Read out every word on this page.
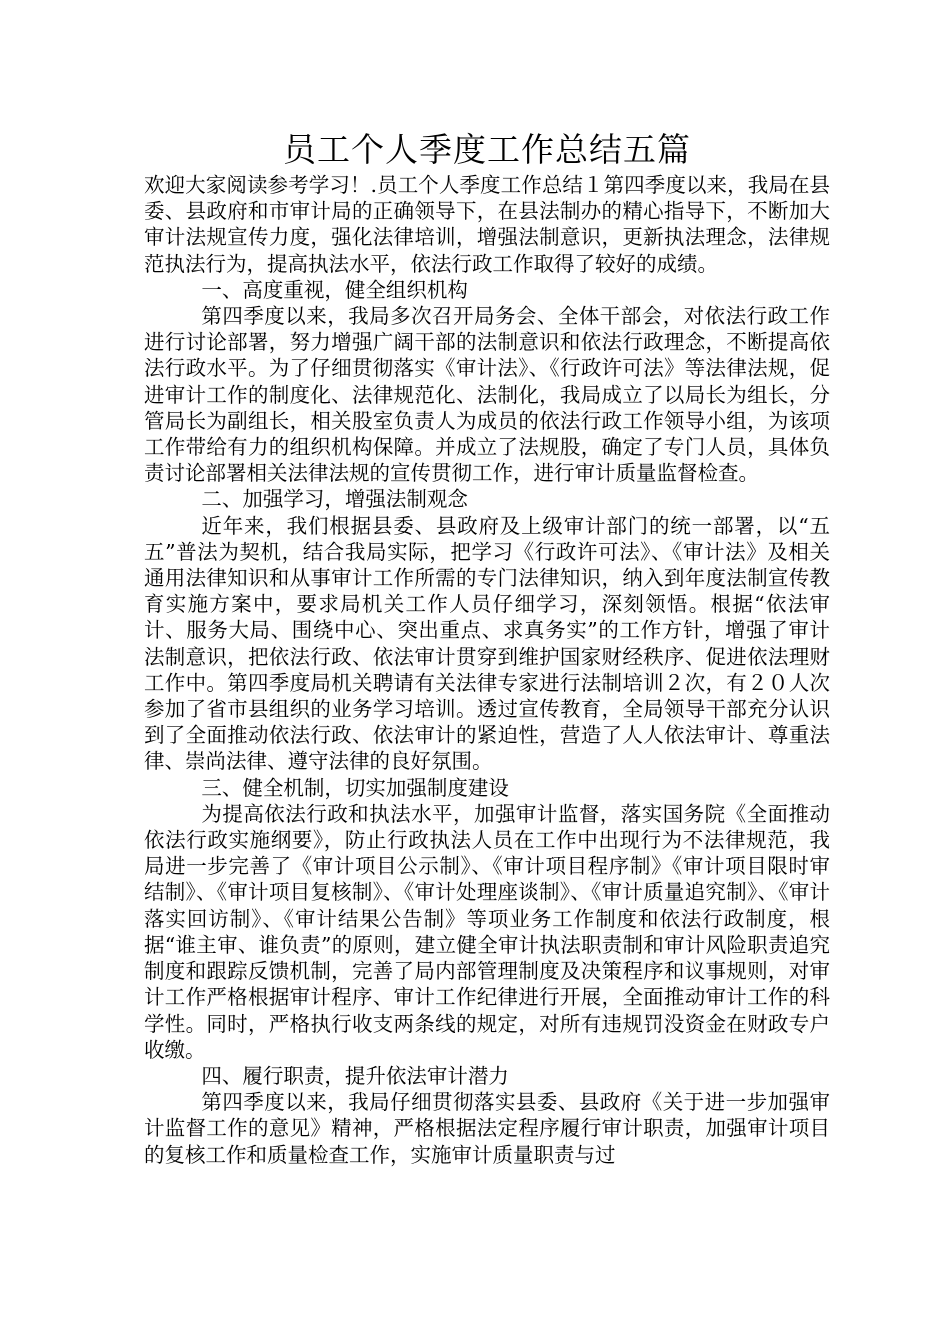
员工个人季度工作总结五篇

欢迎大家阅读参考学习！.员工个人季度工作总结１第四季度以来，我局在县委、县政府和市审计局的正确领导下，在县法制办的精心指导下，不断加大审计法规宣传力度，强化法律培训，增强法制意识，更新执法理念，法律规范执法行为，提高执法水平，依法行政工作取得了较好的成绩。

一、高度重视，健全组织机构

第四季度以来，我局多次召开局务会、全体干部会，对依法行政工作进行讨论部署，努力增强广阔干部的法制意识和依法行政理念，不断提高依法行政水平。为了仔细贯彻落实《审计法》、《行政许可法》等法律法规，促进审计工作的制度化、法律规范化、法制化，我局成立了以局长为组长，分管局长为副组长，相关股室负责人为成员的依法行政工作领导小组，为该项工作带给有力的组织机构保障。并成立了法规股，确定了专门人员，具体负责讨论部署相关法律法规的宣传贯彻工作，进行审计质量监督检查。

二、加强学习，增强法制观念

近年来，我们根据县委、县政府及上级审计部门的统一部署，以“五五”普法为契机，结合我局实际，把学习《行政许可法》、《审计法》及相关通用法律知识和从事审计工作所需的专门法律知识，纳入到年度法制宣传教育实施方案中，要求局机关工作人员仔细学习，深刻领悟。根据“依法审计、服务大局、围绕中心、突出重点、求真务实”的工作方针，增强了审计法制意识，把依法行政、依法审计贯穿到维护国家财经秩序、促进依法理财工作中。第四季度局机关聘请有关法律专家进行法制培训２次，有２０人次参加了省市县组织的业务学习培训。透过宣传教育，全局领导干部充分认识到了全面推动依法行政、依法审计的紧迫性，营造了人人依法审计、尊重法律、崇尚法律、遵守法律的良好氛围。

三、健全机制，切实加强制度建设

为提高依法行政和执法水平，加强审计监督，落实国务院《全面推动依法行政实施纲要》，防止行政执法人员在工作中出现行为不法律规范，我局进一步完善了《审计项目公示制》、《审计项目程序制》《审计项目限时审结制》、《审计项目复核制》、《审计处理座谈制》、《审计质量追究制》、《审计落实回访制》、《审计结果公告制》等项业务工作制度和依法行政制度，根据“谁主审、谁负责”的原则，建立健全审计执法职责制和审计风险职责追究制度和跟踪反馈机制，完善了局内部管理制度及决策程序和议事规则，对审计工作严格根据审计程序、审计工作纪律进行开展，全面推动审计工作的科学性。同时，严格执行收支两条线的规定，对所有违规罚没资金在财政专户收缴。

四、履行职责，提升依法审计潜力

第四季度以来，我局仔细贯彻落实县委、县政府《关于进一步加强审计监督工作的意见》精神，严格根据法定程序履行审计职责，加强审计项目的复核工作和质量检查工作，实施审计质量职责与过
